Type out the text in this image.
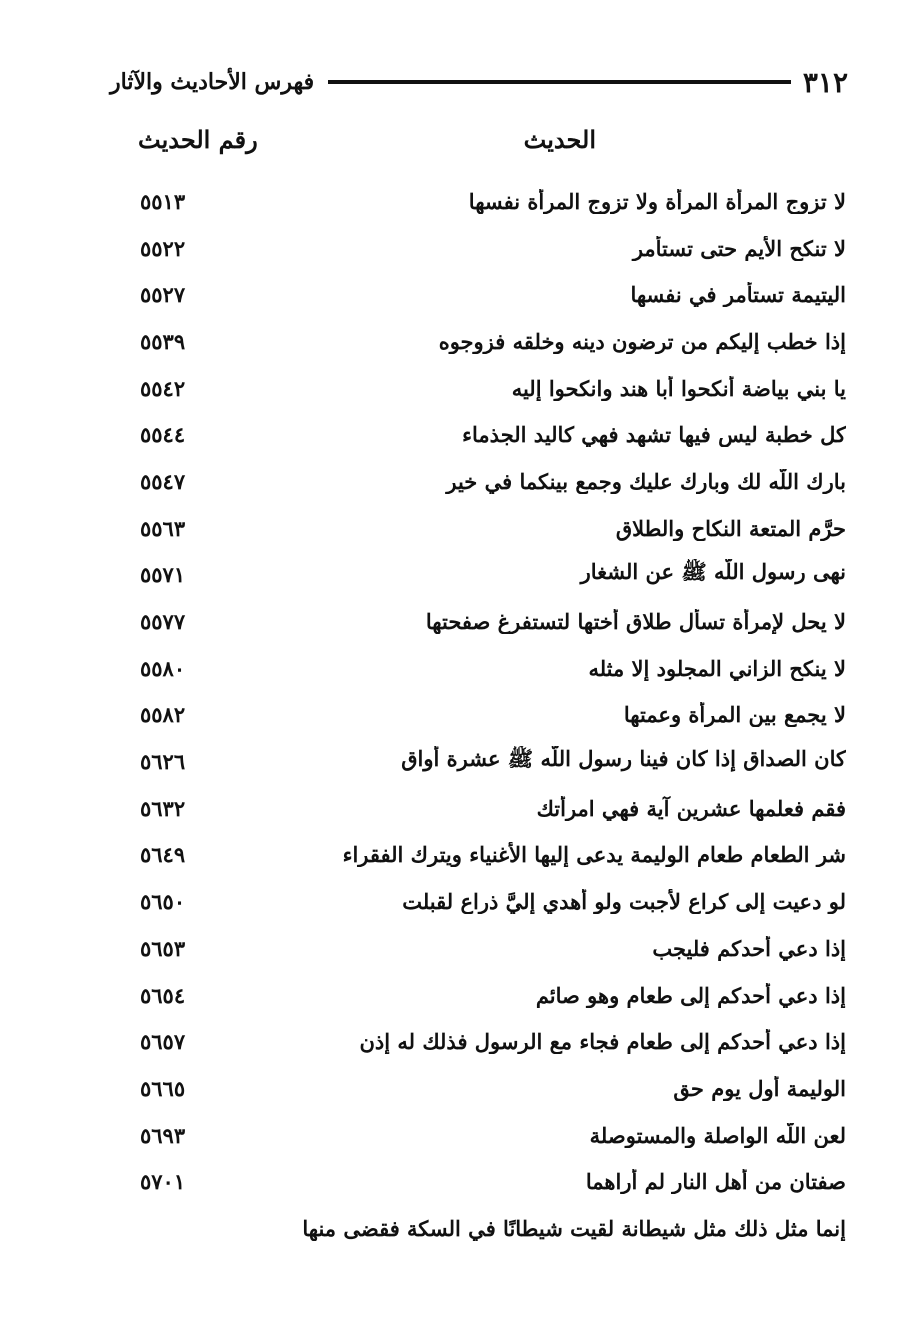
٣١٢
فهرس الأحاديث والآثار
الحديث
رقم الحديث
لا تزوج المرأة المرأة ولا تزوج المرأة نفسها
٥٥١٣
لا تنكح الأيم حتى تستأمر
٥٥٢٢
اليتيمة تستأمر في نفسها
٥٥٢٧
إذا خطب إليكم من ترضون دينه وخلقه فزوجوه
٥٥٣٩
يا بني بياضة أنكحوا أبا هند وانكحوا إليه
٥٥٤٢
كل خطبة ليس فيها تشهد فهي كاليد الجذماء
٥٥٤٤
بارك اللّه لك وبارك عليك وجمع بينكما في خير
٥٥٤٧
حرَّم المتعة النكاح والطلاق
٥٥٦٣
نهى رسول اللّه ﷺ عن الشغار
٥٥٧١
لا يحل لإمرأة تسأل طلاق أختها لتستفرغ صفحتها
٥٥٧٧
لا ينكح الزاني المجلود إلا مثله
٥٥٨٠
لا يجمع بين المرأة وعمتها
٥٥٨٢
كان الصداق إذا كان فينا رسول اللّه ﷺ عشرة أواق
٥٦٢٦
فقم فعلمها عشرين آية فهي امرأتك
٥٦٣٢
شر الطعام طعام الوليمة يدعى إليها الأغنياء ويترك الفقراء
٥٦٤٩
لو دعيت إلى كراع لأجبت ولو أهدي إليَّ ذراع لقبلت
٥٦٥٠
إذا دعي أحدكم فليجب
٥٦٥٣
إذا دعي أحدكم إلى طعام وهو صائم
٥٦٥٤
إذا دعي أحدكم إلى طعام فجاء مع الرسول فذلك له إذن
٥٦٥٧
الوليمة أول يوم حق
٥٦٦٥
لعن اللّه الواصلة والمستوصلة
٥٦٩٣
صفتان من أهل النار لم أراهما
٥٧٠١
إنما مثل ذلك مثل شيطانة لقيت شيطانًا في السكة فقضى منها
